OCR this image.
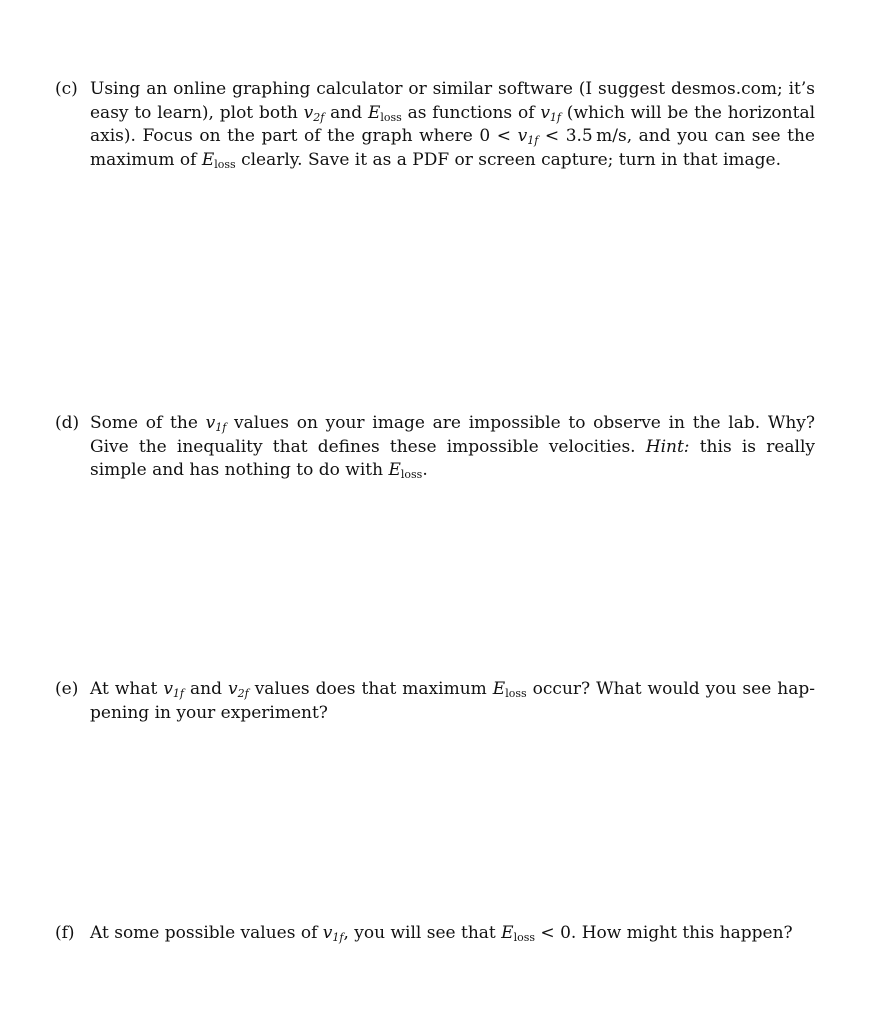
(c) Using an online graphing calculator or similar software (I suggest desmos.com; it’s easy to learn), plot both $v_{2f}$ and $E_{loss}$ as functions of $v_{1f}$ (which will be the horizontal axis). Focus on the part of the graph where $0 < v_{1f} < 3.5$ m/s, and you can see the maximum of $E_{loss}$ clearly. Save it as a PDF or screen capture; turn in that image.
(d) Some of the $v_{1f}$ values on your image are impossible to observe in the lab. Why? Give the inequality that defines these impossible velocities. Hint: this is really simple and has nothing to do with $E_{loss}$.
(e) At what $v_{1f}$ and $v_{2f}$ values does that maximum $E_{loss}$ occur? What would you see hap-pening in your experiment?
(f) At some possible values of $v_{1f}$, you will see that $E_{loss} < 0$. How might this happen?
